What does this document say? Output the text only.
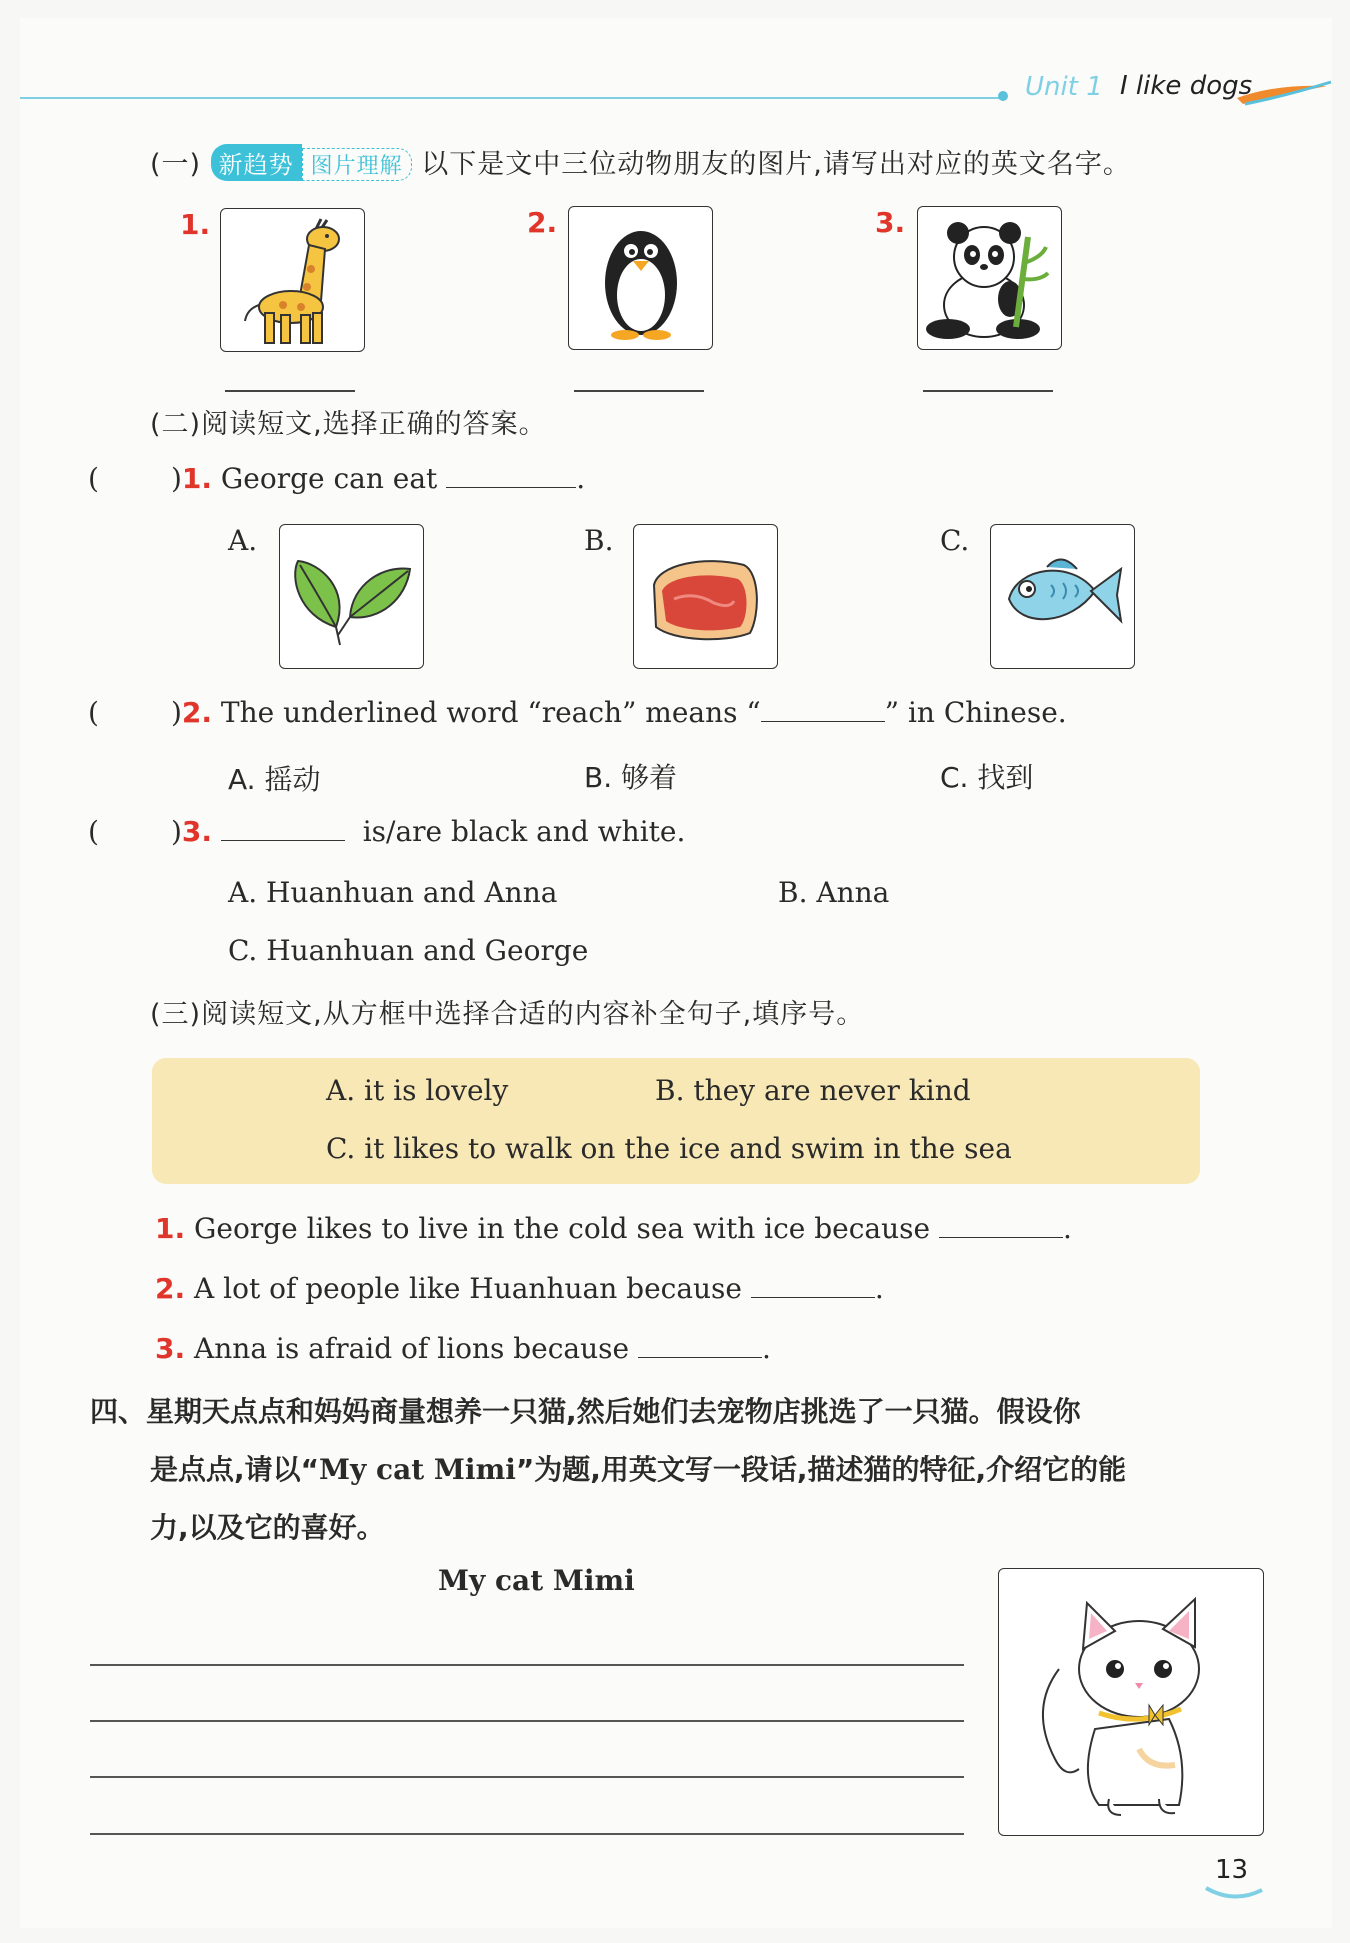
Unit 1 I like dogs
(一) 新趋势 图片理解 以下是文中三位动物朋友的图片,请写出对应的英文名字。
1.	2.	3.
(二)阅读短文,选择正确的答案。
(	)1. George can eat	.
A.	B.	C.
(	)2. The underlined word “reach” means “	” in Chinese.
A. 摇动	B. 够着	C. 找到
(	)3.	is/are black and white.
A. Huanhuan and Anna	B. Anna
C. Huanhuan and George
(三)阅读短文,从方框中选择合适的内容补全句子,填序号。
A. it is lovely	B. they are never kind
C. it likes to walk on the ice and swim in the sea
1. George likes to live in the cold sea with ice because	.
2. A lot of people like Huanhuan because	.
3. Anna is afraid of lions because	.
四、星期天点点和妈妈商量想养一只猫,然后她们去宠物店挑选了一只猫。假设你
是点点,请以“My cat Mimi”为题,用英文写一段话,描述猫的特征,介绍它的能
力,以及它的喜好。
My cat Mimi
13
